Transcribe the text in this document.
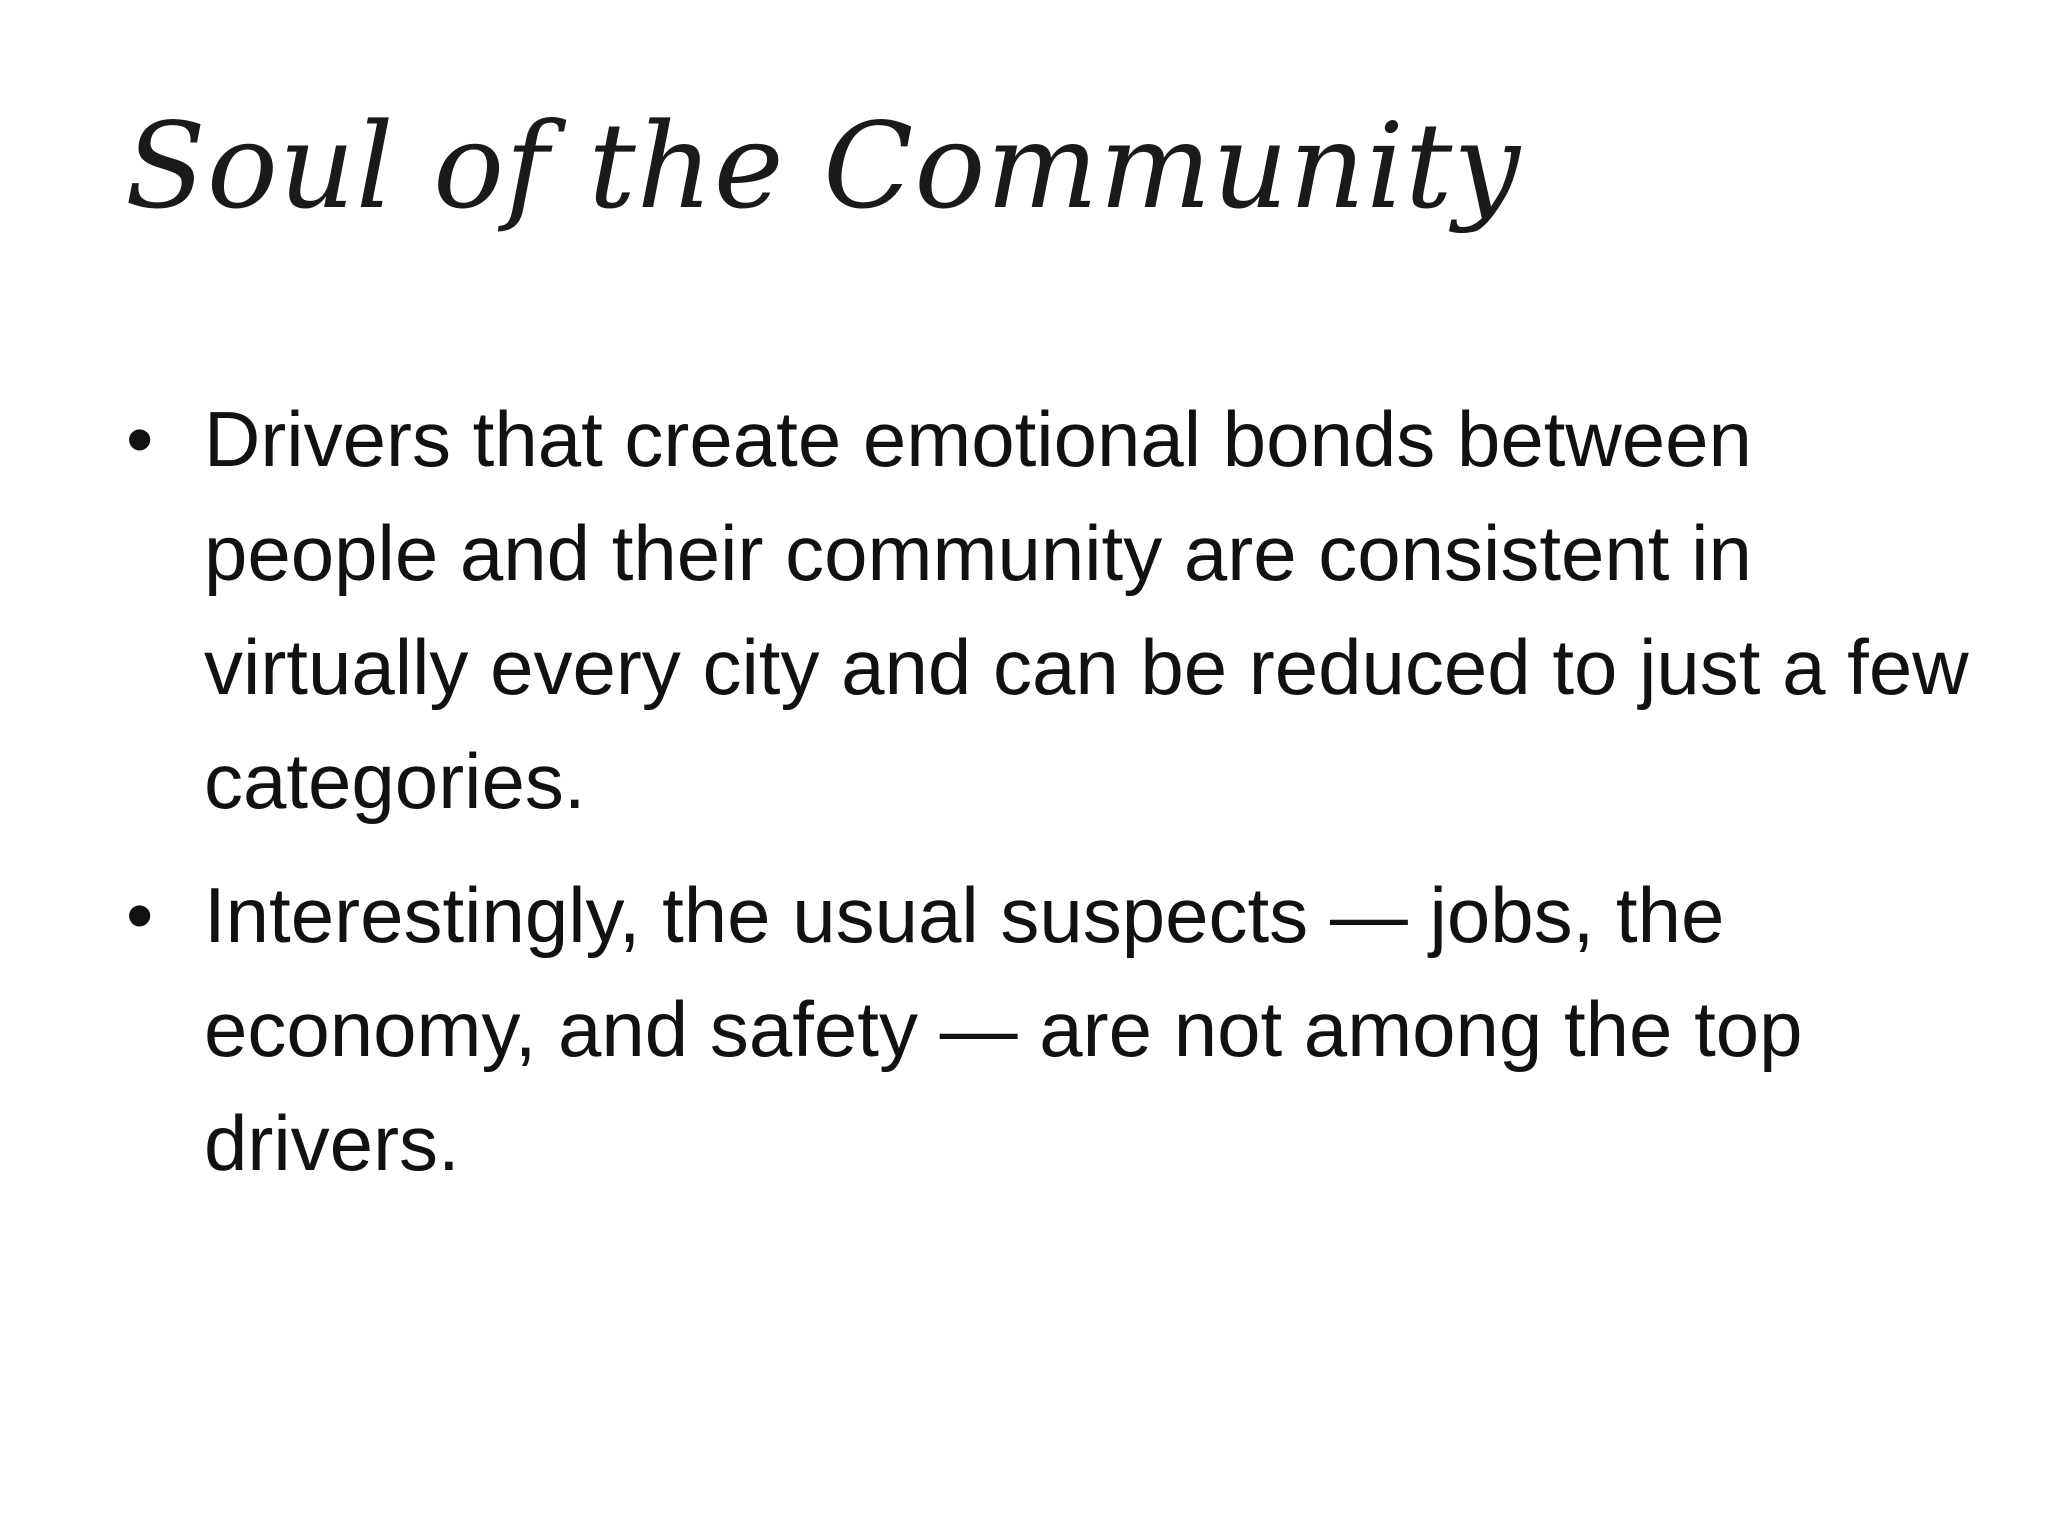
Soul of the Community
• Drivers that create emotional bonds between people and their community are consistent in virtually every city and can be reduced to just a few categories.
• Interestingly, the usual suspects — jobs, the economy, and safety — are not among the top drivers.
